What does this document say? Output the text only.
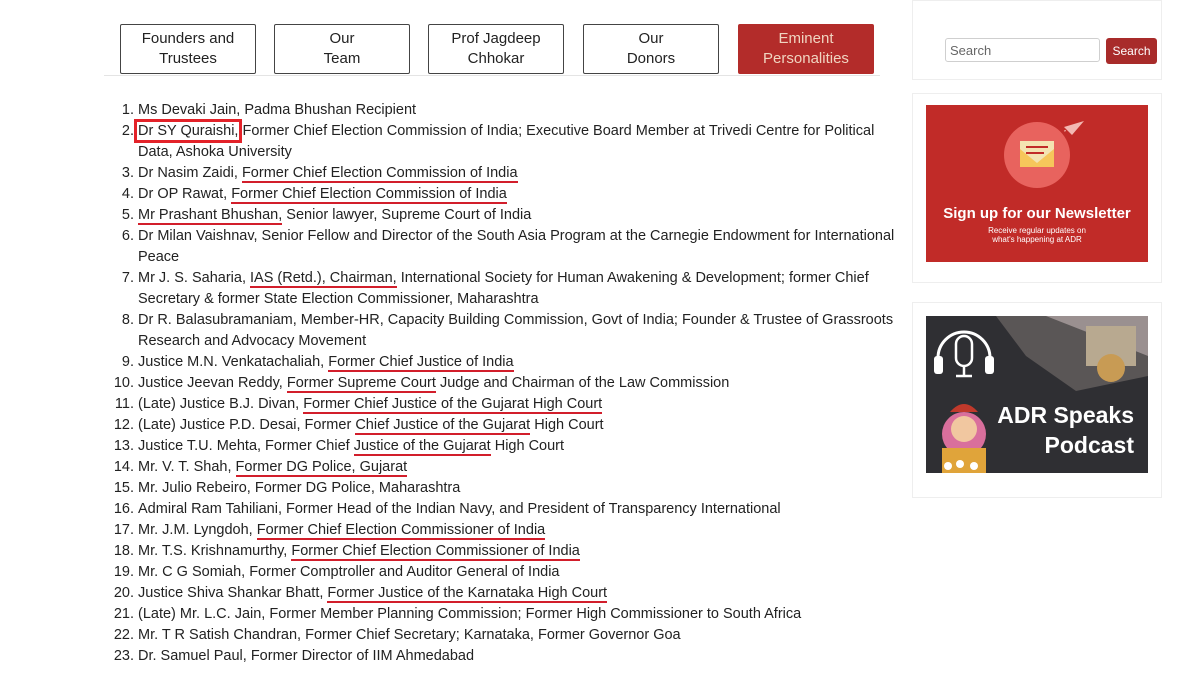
Founders and
Trustees
Our
Team
Prof Jagdeep
Chhokar
Our
Donors
Eminent
Personalities
1. Ms Devaki Jain, Padma Bhushan Recipient
2. Dr SY Quraishi, Former Chief Election Commission of India; Executive Board Member at Trivedi Centre for Political Data, Ashoka University
3. Dr Nasim Zaidi, Former Chief Election Commission of India
4. Dr OP Rawat, Former Chief Election Commission of India
5. Mr Prashant Bhushan, Senior lawyer, Supreme Court of India
6. Dr Milan Vaishnav, Senior Fellow and Director of the South Asia Program at the Carnegie Endowment for International Peace
7. Mr J. S. Saharia, IAS (Retd.), Chairman, International Society for Human Awakening & Development; former Chief Secretary & former State Election Commissioner, Maharashtra
8. Dr R. Balasubramaniam, Member-HR, Capacity Building Commission, Govt of India; Founder & Trustee of Grassroots Research and Advocacy Movement
9. Justice M.N. Venkatachaliah, Former Chief Justice of India
10. Justice Jeevan Reddy, Former Supreme Court Judge and Chairman of the Law Commission
11. (Late) Justice B.J. Divan, Former Chief Justice of the Gujarat High Court
12. (Late) Justice P.D. Desai, Former Chief Justice of the Gujarat High Court
13. Justice T.U. Mehta, Former Chief Justice of the Gujarat High Court
14. Mr. V. T. Shah, Former DG Police, Gujarat
15. Mr. Julio Rebeiro, Former DG Police, Maharashtra
16. Admiral Ram Tahiliani, Former Head of the Indian Navy, and President of Transparency International
17. Mr. J.M. Lyngdoh, Former Chief Election Commissioner of India
18. Mr. T.S. Krishnamurthy, Former Chief Election Commissioner of India
19. Mr. C G Somiah, Former Comptroller and Auditor General of India
20. Justice Shiva Shankar Bhatt, Former Justice of the Karnataka High Court
21. (Late) Mr. L.C. Jain, Former Member Planning Commission; Former High Commissioner to South Africa
22. Mr. T R Satish Chandran, Former Chief Secretary; Karnataka, Former Governor Goa
23. Dr. Samuel Paul, Former Director of IIM Ahmedabad
Search
Search
Sign up for our Newsletter
Receive regular updates on
what's happening at ADR
ADR Speaks
Podcast
